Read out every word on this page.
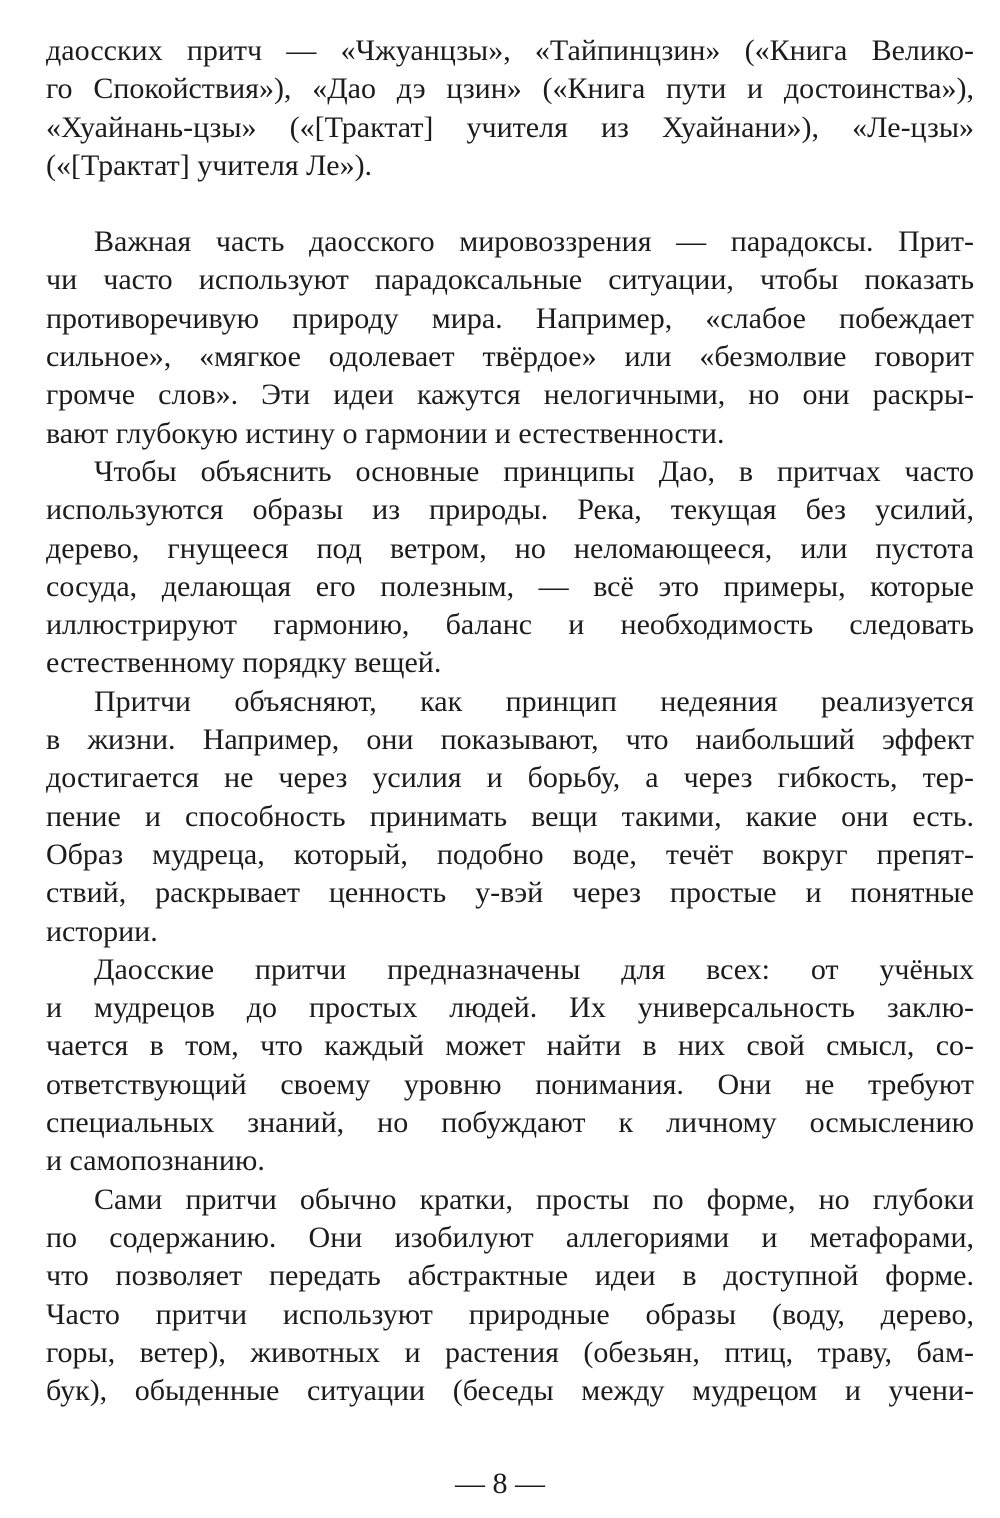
даосских притч — «Чжуанцзы», «Тайпинцзин» («Книга Велико-
го Спокойствия»), «Дао дэ цзин» («Книга пути и достоинства»),
«Хуайнань-цзы» («[Трактат] учителя из Хуайнани»), «Ле-цзы»
(«[Трактат] учителя Ле»).
Важная часть даосского мировоззрения — парадоксы. Прит-
чи часто используют парадоксальные ситуации, чтобы показать
противоречивую природу мира. Например, «слабое побеждает
сильное», «мягкое одолевает твёрдое» или «безмолвие говорит
громче слов». Эти идеи кажутся нелогичными, но они раскры-
вают глубокую истину о гармонии и естественности.
Чтобы объяснить основные принципы Дао, в притчах часто
используются образы из природы. Река, текущая без усилий,
дерево, гнущееся под ветром, но неломающееся, или пустота
сосуда, делающая его полезным, — всё это примеры, которые
иллюстрируют гармонию, баланс и необходимость следовать
естественному порядку вещей.
Притчи объясняют, как принцип недеяния реализуется
в жизни. Например, они показывают, что наибольший эффект
достигается не через усилия и борьбу, а через гибкость, тер-
пение и способность принимать вещи такими, какие они есть.
Образ мудреца, который, подобно воде, течёт вокруг препят-
ствий, раскрывает ценность у-вэй через простые и понятные
истории.
Даосские притчи предназначены для всех: от учёных
и мудрецов до простых людей. Их универсальность заклю-
чается в том, что каждый может найти в них свой смысл, со-
ответствующий своему уровню понимания. Они не требуют
специальных знаний, но побуждают к личному осмыслению
и самопознанию.
Сами притчи обычно кратки, просты по форме, но глубоки
по содержанию. Они изобилуют аллегориями и метафорами,
что позволяет передать абстрактные идеи в доступной форме.
Часто притчи используют природные образы (воду, дерево,
горы, ветер), животных и растения (обезьян, птиц, траву, бам-
бук), обыденные ситуации (беседы между мудрецом и учени-
— 8 —
